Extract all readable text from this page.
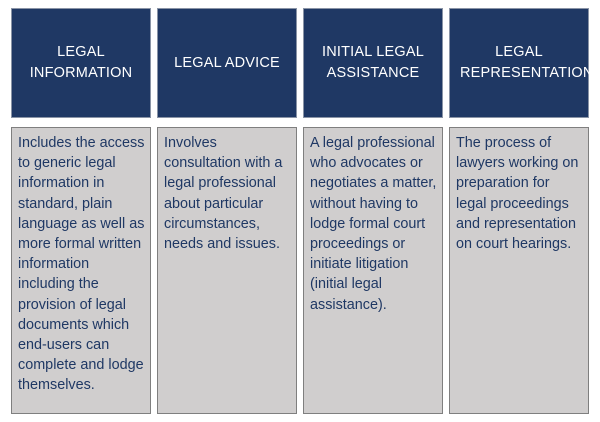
LEGAL INFORMATION
LEGAL ADVICE
INITIAL LEGAL ASSISTANCE
LEGAL REPRESENTATION
Includes the access to generic legal information in standard, plain language as well as more formal written information including the provision of legal documents which end-users can complete and lodge themselves.
Involves consultation with a legal professional about particular circumstances, needs and issues.
A legal professional who advocates or negotiates a matter, without having to lodge formal court proceedings or initiate litigation (initial legal assistance).
The process of lawyers working on preparation for legal proceedings and representation on court hearings.
